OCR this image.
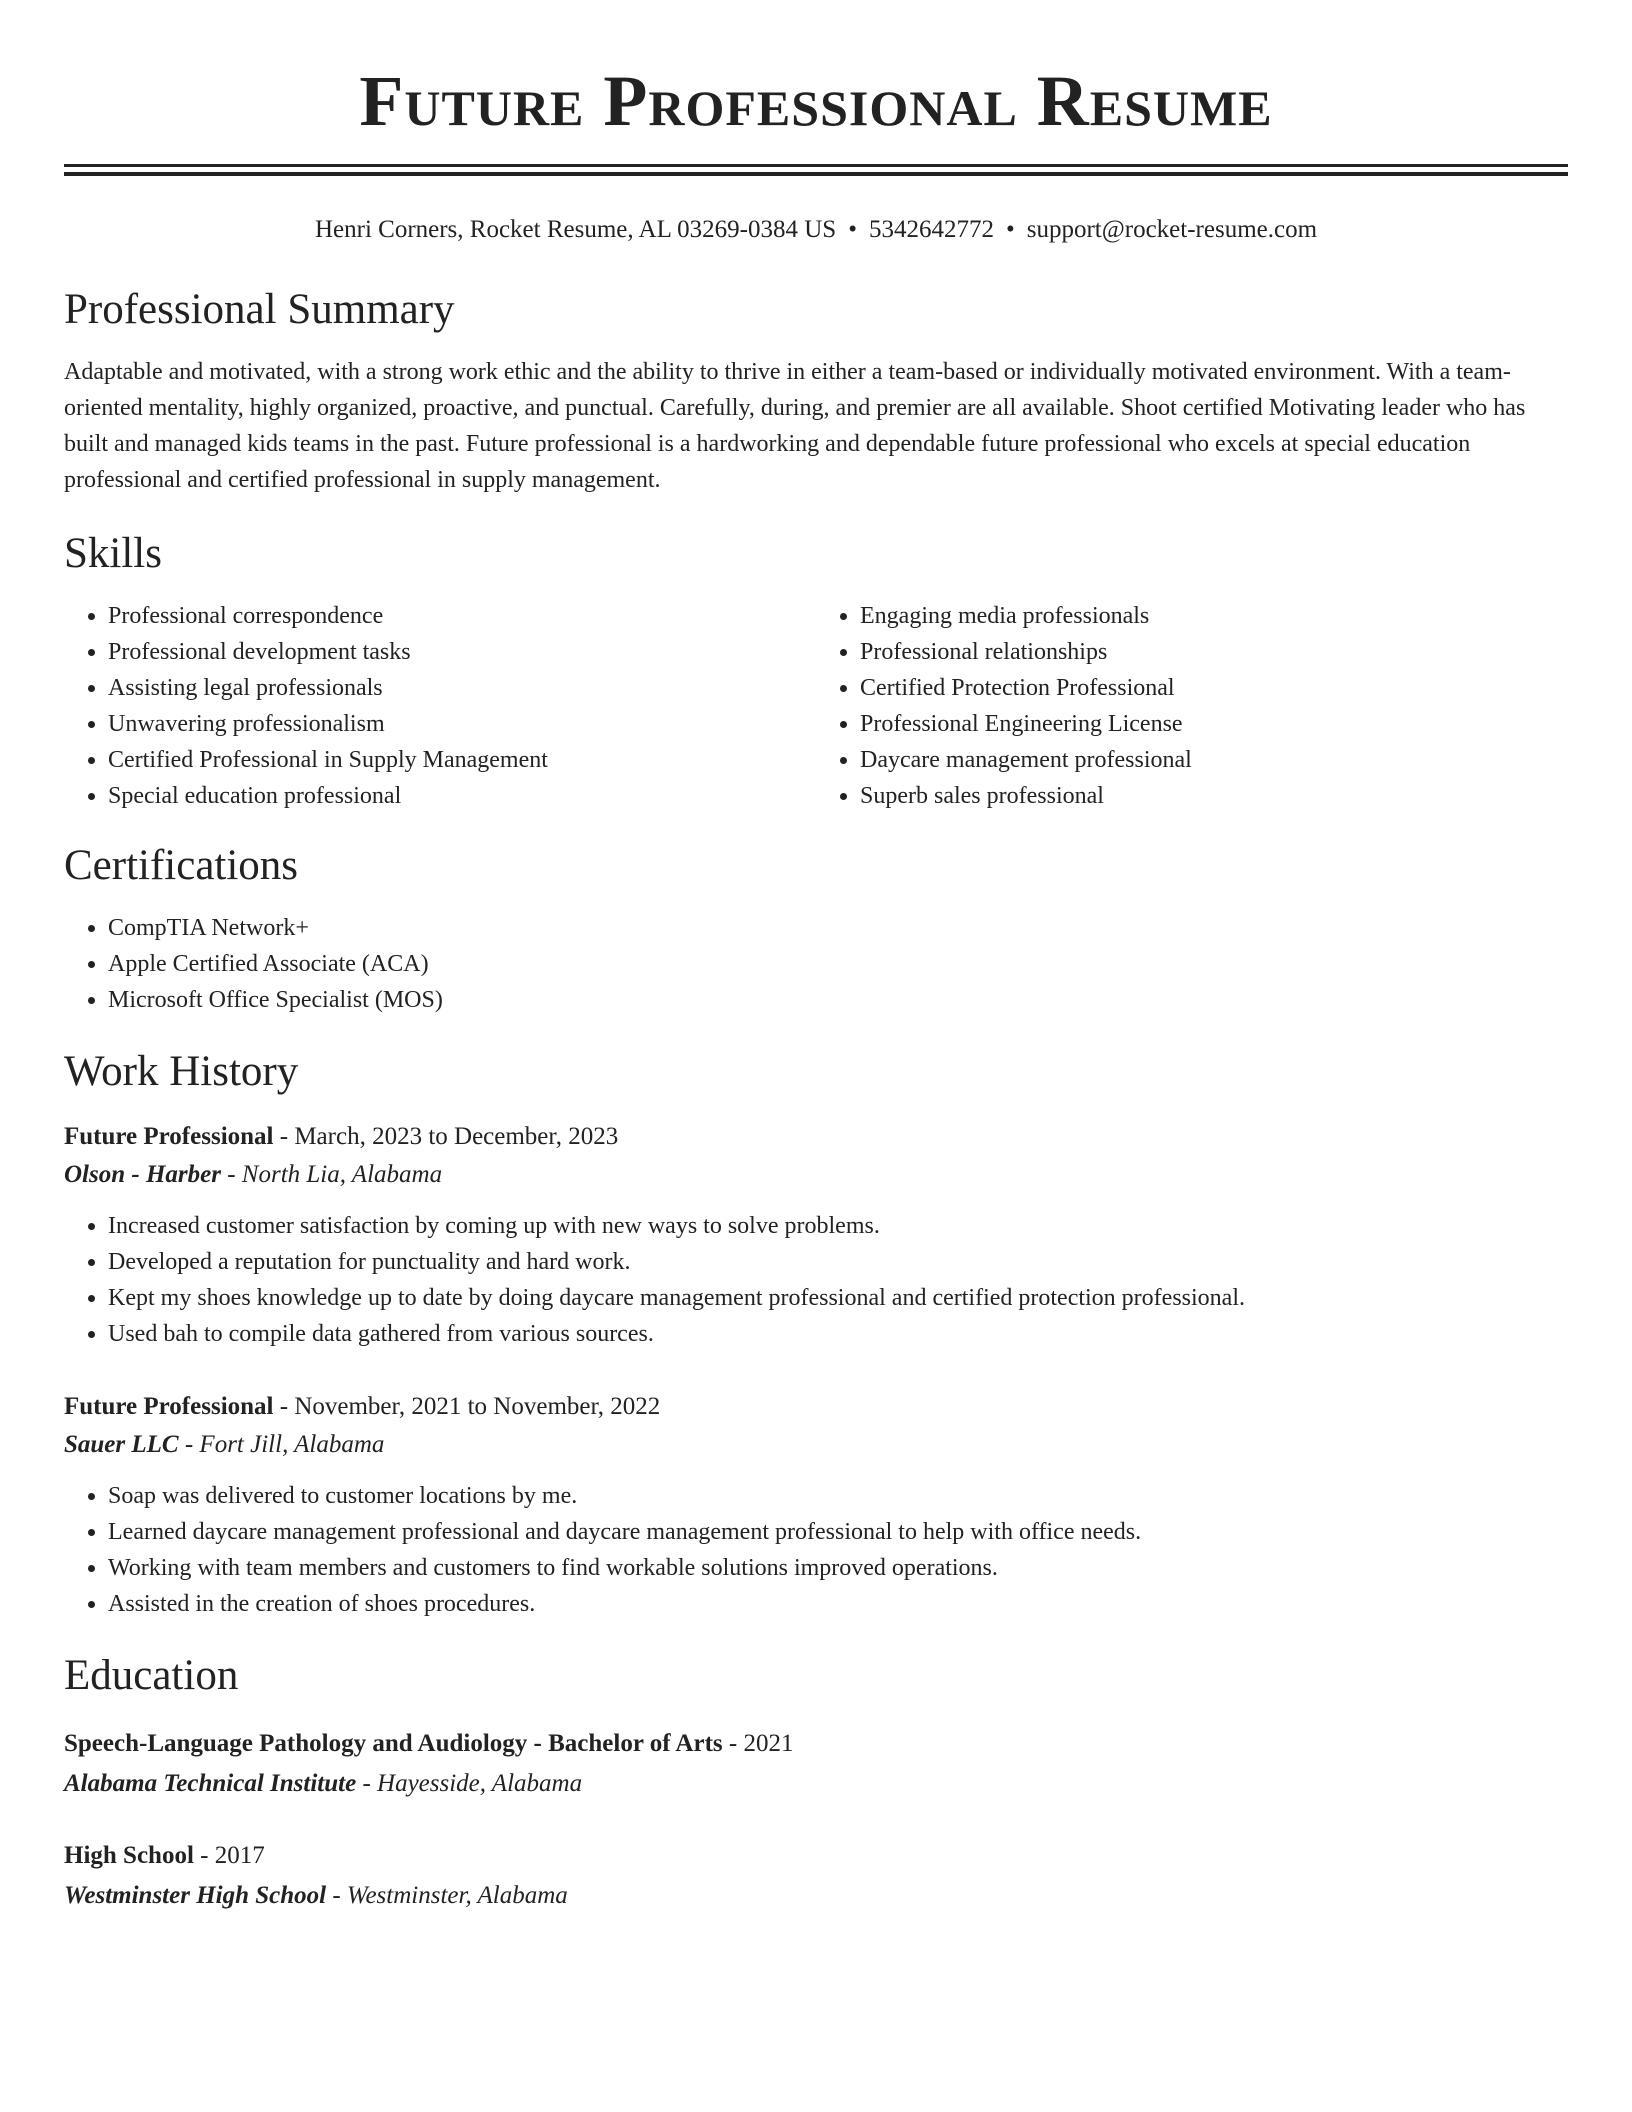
Future Professional Resume
Henri Corners, Rocket Resume, AL 03269-0384 US • 5342642772 • support@rocket-resume.com
Professional Summary

Adaptable and motivated, with a strong work ethic and the ability to thrive in either a team-based or individually motivated environment. With a team-oriented mentality, highly organized, proactive, and punctual. Carefully, during, and premier are all available. Shoot certified Motivating leader who has built and managed kids teams in the past. Future professional is a hardworking and dependable future professional who excels at special education professional and certified professional in supply management.

Skills
• Professional correspondence
• Professional development tasks
• Assisting legal professionals
• Unwavering professionalism
• Certified Professional in Supply Management
• Special education professional
• Engaging media professionals
• Professional relationships
• Certified Protection Professional
• Professional Engineering License
• Daycare management professional
• Superb sales professional
Certifications
• CompTIA Network+
• Apple Certified Associate (ACA)
• Microsoft Office Specialist (MOS)
Work History
Future Professional - March, 2023 to December, 2023
Olson - Harber - North Lia, Alabama
• Increased customer satisfaction by coming up with new ways to solve problems.
• Developed a reputation for punctuality and hard work.
• Kept my shoes knowledge up to date by doing daycare management professional and certified protection professional.
• Used bah to compile data gathered from various sources.
Future Professional - November, 2021 to November, 2022
Sauer LLC - Fort Jill, Alabama
• Soap was delivered to customer locations by me.
• Learned daycare management professional and daycare management professional to help with office needs.
• Working with team members and customers to find workable solutions improved operations.
• Assisted in the creation of shoes procedures.
Education
Speech-Language Pathology and Audiology - Bachelor of Arts - 2021
Alabama Technical Institute - Hayesside, Alabama
High School - 2017
Westminster High School - Westminster, Alabama
